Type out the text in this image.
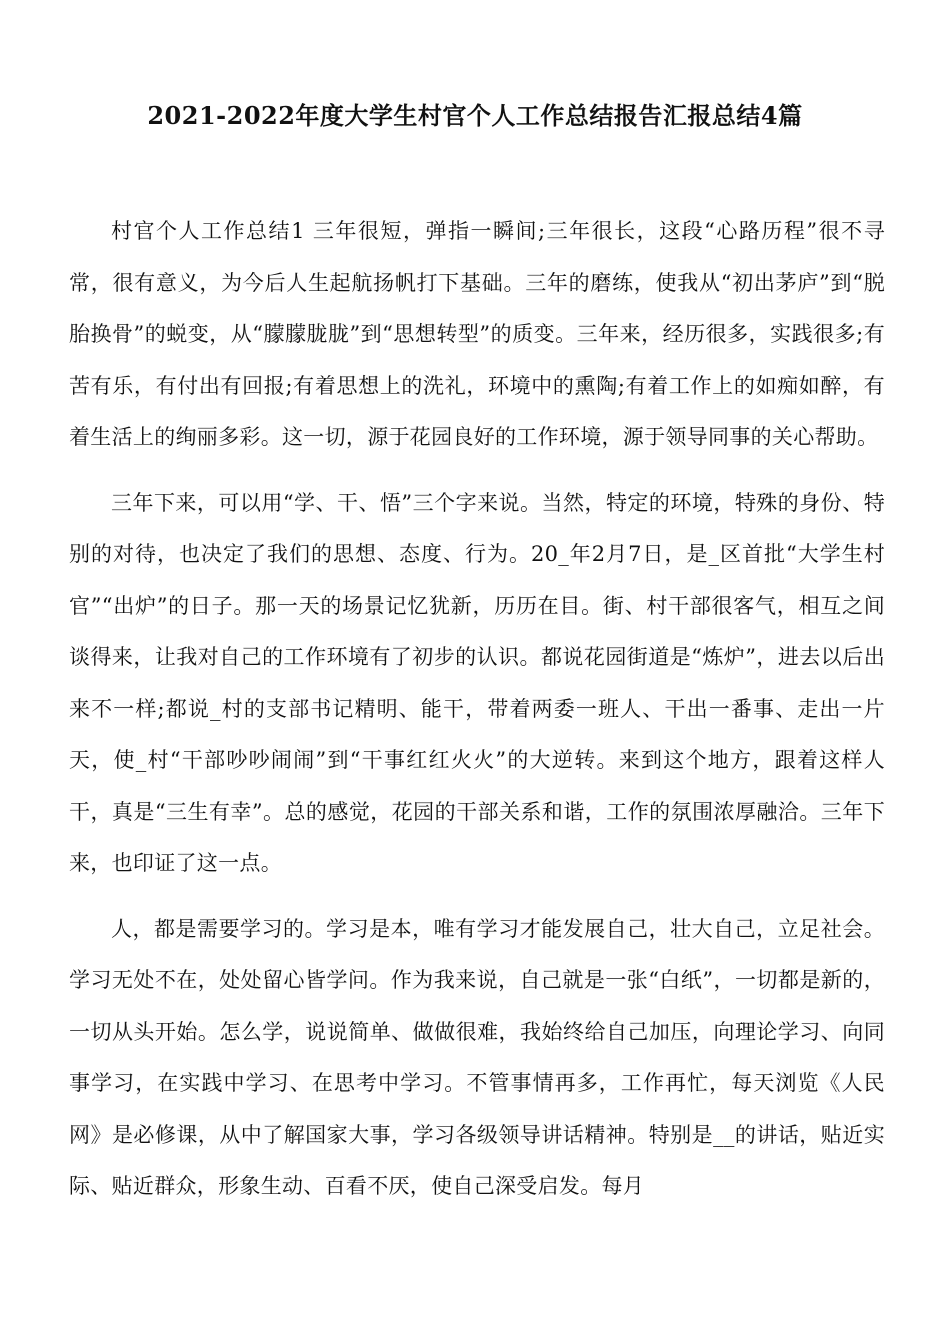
2021-2022年度大学生村官个人工作总结报告汇报总结4篇

村官个人工作总结1 三年很短，弹指一瞬间;三年很长，这段“心路历程”很不寻常，很有意义，为今后人生起航扬帆打下基础。三年的磨练，使我从“初出茅庐”到“脱胎换骨”的蜕变，从“朦朦胧胧”到“思想转型”的质变。三年来，经历很多，实践很多;有苦有乐，有付出有回报;有着思想上的洗礼，环境中的熏陶;有着工作上的如痴如醉，有着生活上的绚丽多彩。这一切，源于花园良好的工作环境，源于领导同事的关心帮助。

三年下来，可以用“学、干、悟”三个字来说。当然，特定的环境，特殊的身份、特别的对待，也决定了我们的思想、态度、行为。20_年2月7日，是_区首批“大学生村官”“出炉”的日子。那一天的场景记忆犹新，历历在目。街、村干部很客气，相互之间谈得来，让我对自己的工作环境有了初步的认识。都说花园街道是“炼炉”，进去以后出来不一样;都说_村的支部书记精明、能干，带着两委一班人、干出一番事、走出一片天，使_村“干部吵吵闹闹”到“干事红红火火”的大逆转。来到这个地方，跟着这样人干，真是“三生有幸”。总的感觉，花园的干部关系和谐，工作的氛围浓厚融洽。三年下来，也印证了这一点。

人，都是需要学习的。学习是本，唯有学习才能发展自己，壮大自己，立足社会。学习无处不在，处处留心皆学问。作为我来说，自己就是一张“白纸”，一切都是新的，一切从头开始。怎么学，说说简单、做做很难，我始终给自己加压，向理论学习、向同事学习，在实践中学习、在思考中学习。不管事情再多，工作再忙，每天浏览《人民网》是必修课，从中了解国家大事，学习各级领导讲话精神。特别是__的讲话，贴近实际、贴近群众，形象生动、百看不厌，使自己深受启发。每月
